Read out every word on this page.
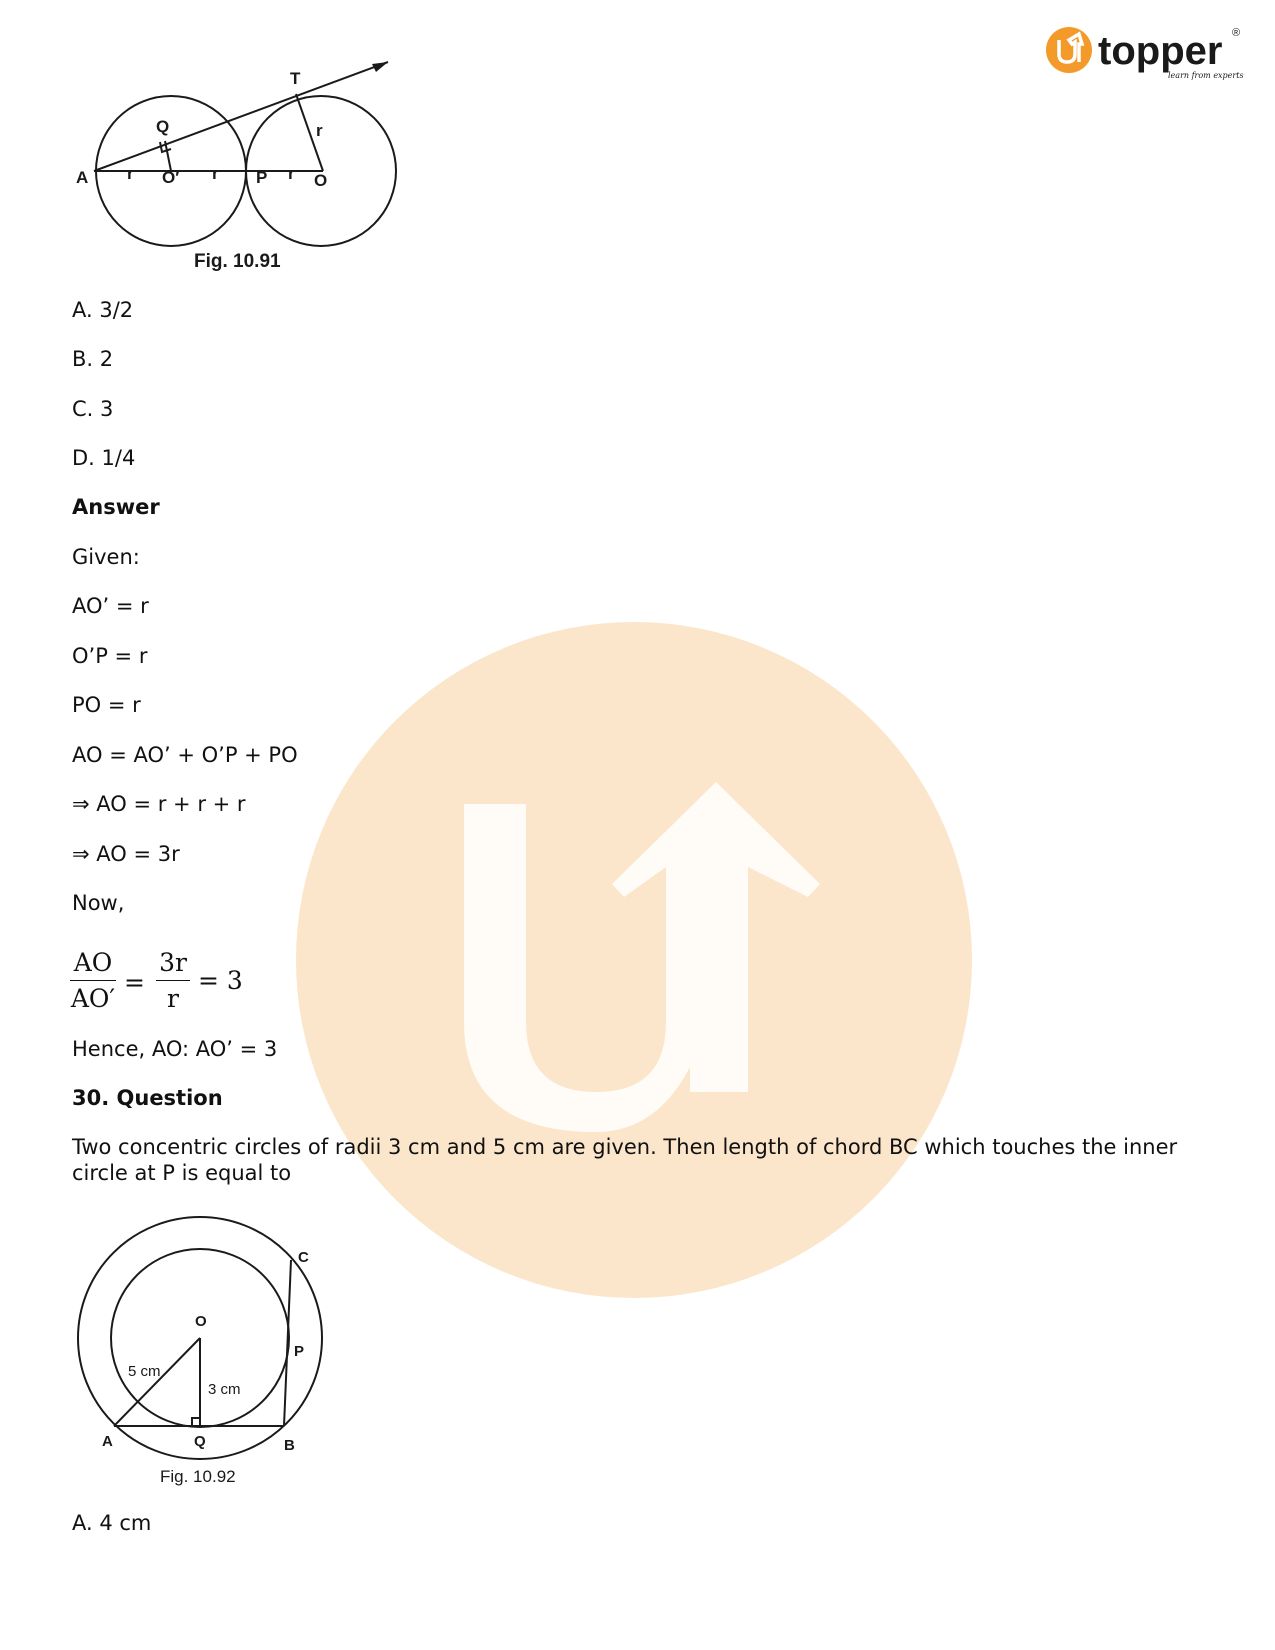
topper ®
learn from experts
A	O′	P	O
Q
T
r	r	r
r
Fig. 10.91
A. 3/2
B. 2
C. 3
D. 1/4
Answer
Given:
AO’ = r
O’P = r
PO = r
AO = AO’ + O’P + PO
⇒ AO = r + r + r
⇒ AO = 3r
Now,
AO
AO′
=
3r
r
= 3
Hence, AO: AO’ = 3
30. Question
Two concentric circles of radii 3 cm and 5 cm are given. Then length of chord BC which touches the inner circle at P is equal to
C
O
P
5 cm
3 cm
A	Q	B
Fig. 10.92
A. 4 cm
